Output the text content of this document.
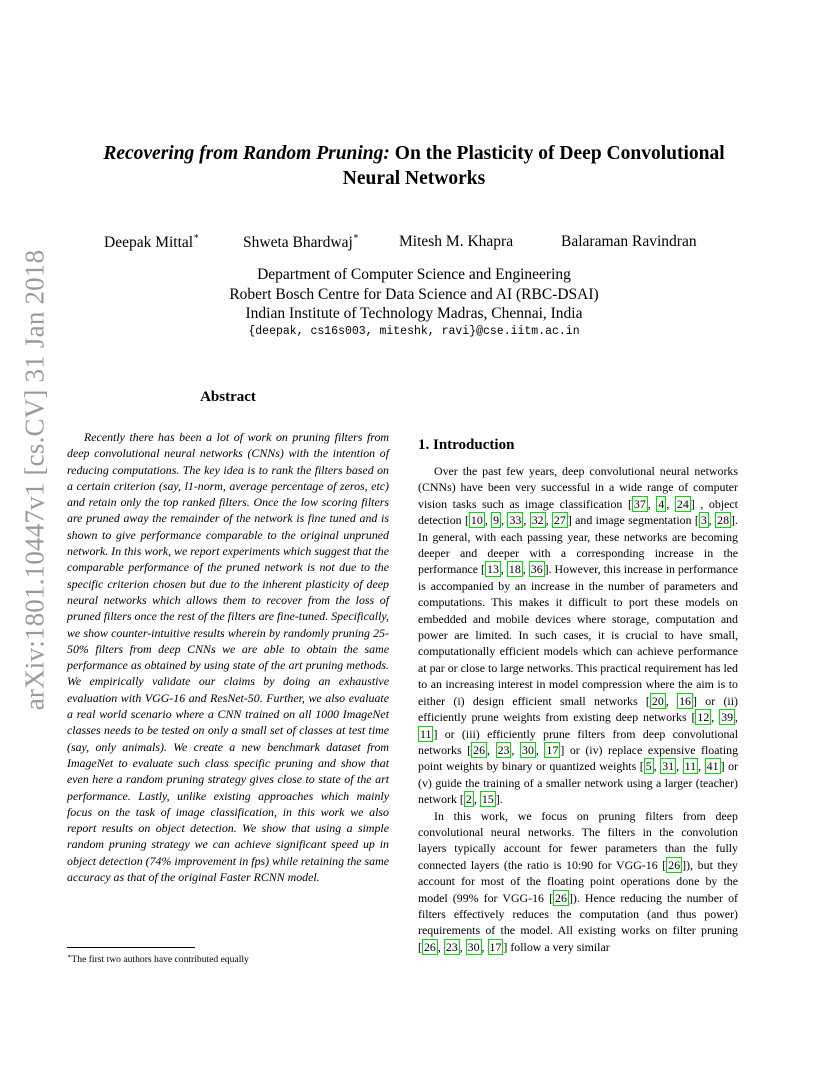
arXiv:1801.10447v1 [cs.CV] 31 Jan 2018
Recovering from Random Pruning: On the Plasticity of Deep Convolutional Neural Networks
Deepak Mittal∗	Shweta Bhardwaj∗	Mitesh M. Khapra	Balaraman Ravindran
Department of Computer Science and Engineering
Robert Bosch Centre for Data Science and AI (RBC-DSAI)
Indian Institute of Technology Madras, Chennai, India
{deepak, cs16s003, miteshk, ravi}@cse.iitm.ac.in
Abstract
Recently there has been a lot of work on pruning filters from deep convolutional neural networks (CNNs) with the intention of reducing computations. The key idea is to rank the filters based on a certain criterion (say, l1-norm, average percentage of zeros, etc) and retain only the top ranked filters. Once the low scoring filters are pruned away the remainder of the network is fine tuned and is shown to give performance comparable to the original unpruned network. In this work, we report experiments which suggest that the comparable performance of the pruned network is not due to the specific criterion chosen but due to the inherent plasticity of deep neural networks which allows them to recover from the loss of pruned filters once the rest of the filters are fine-tuned. Specifically, we show counter-intuitive results wherein by randomly pruning 25-50% filters from deep CNNs we are able to obtain the same performance as obtained by using state of the art pruning methods. We empirically validate our claims by doing an exhaustive evaluation with VGG-16 and ResNet-50. Further, we also evaluate a real world scenario where a CNN trained on all 1000 ImageNet classes needs to be tested on only a small set of classes at test time (say, only animals). We create a new benchmark dataset from ImageNet to evaluate such class specific pruning and show that even here a random pruning strategy gives close to state of the art performance. Lastly, unlike existing approaches which mainly focus on the task of image classification, in this work we also report results on object detection. We show that using a simple random pruning strategy we can achieve significant speed up in object detection (74% improvement in fps) while retaining the same accuracy as that of the original Faster RCNN model.
∗The first two authors have contributed equally
1. Introduction

Over the past few years, deep convolutional neural networks (CNNs) have been very successful in a wide range of computer vision tasks such as image classification [ 37 , 4 , 24 ] , object detection [ 10 , 9 , 33 , 32 , 27 ] and image segmentation [ 3 , 28 ]. In general, with each passing year, these networks are becoming deeper and deeper with a corresponding increase in the performance [ 13 , 18 , 36 ]. However, this increase in performance is accompanied by an increase in the number of parameters and computations. This makes it difficult to port these models on embedded and mobile devices where storage, computation and power are limited. In such cases, it is crucial to have small, computationally efficient models which can achieve performance at par or close to large networks. This practical requirement has led to an increasing interest in model compression where the aim is to either (i) design efficient small networks [ 20 , 16 ] or (ii) efficiently prune weights from existing deep networks [ 12 , 39 , 11 ] or (iii) efficiently prune filters from deep convolutional networks [ 26 , 23 , 30 , 17 ] or (iv) replace expensive floating point weights by binary or quantized weights [ 5 , 31 , 11 , 41 ] or (v) guide the training of a smaller network using a larger (teacher) network [ 2 , 15 ].

In this work, we focus on pruning filters from deep convolutional neural networks. The filters in the convolution layers typically account for fewer parameters than the fully connected layers (the ratio is 10:90 for VGG-16 [ 26 ]), but they account for most of the floating point operations done by the model (99% for VGG-16 [ 26 ]). Hence reducing the number of filters effectively reduces the computation (and thus power) requirements of the model. All existing works on filter pruning [ 26 , 23 , 30 , 17 ] follow a very similar
